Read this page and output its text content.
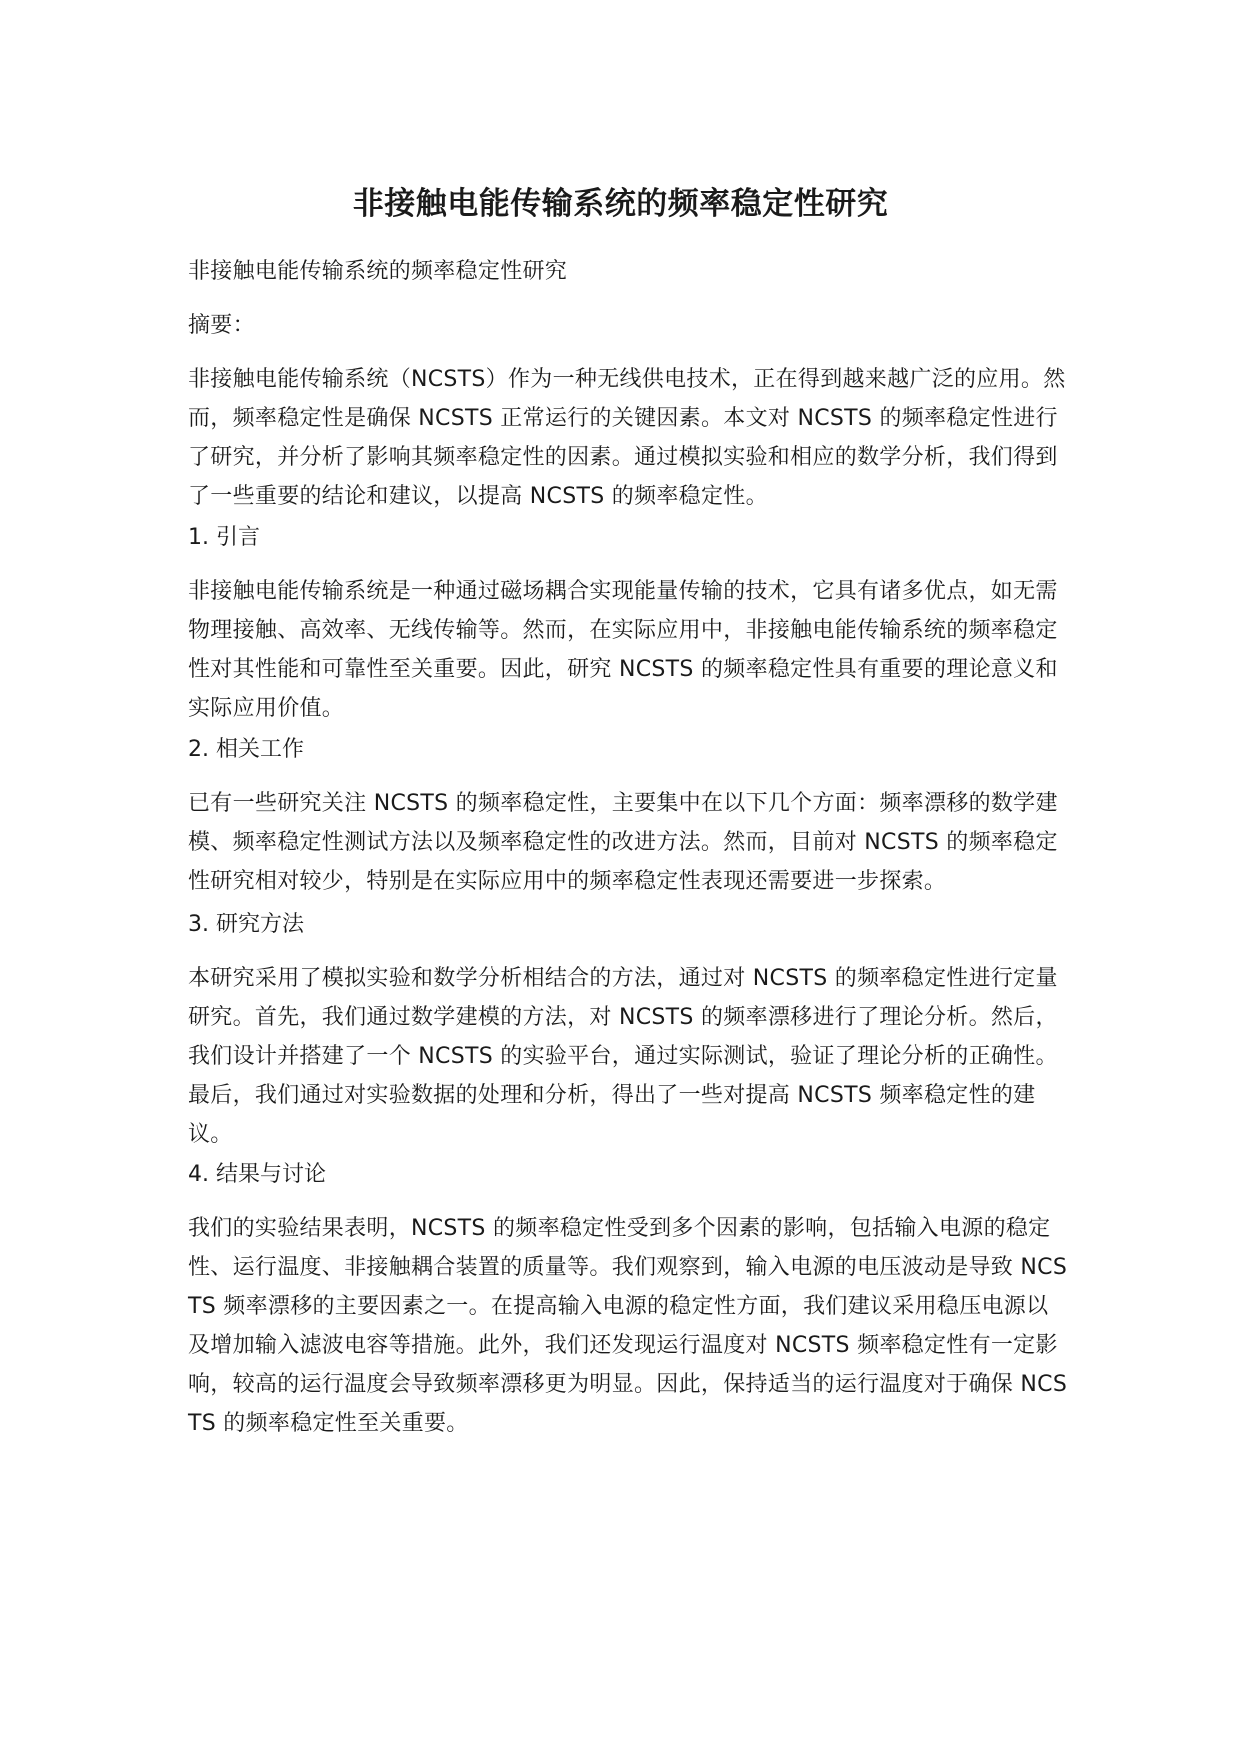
非接触电能传输系统的频率稳定性研究

非接触电能传输系统的频率稳定性研究

摘要：

非接触电能传输系统（NCSTS）作为一种无线供电技术，正在得到越来越广泛的应用。然而，频率稳定性是确保 NCSTS 正常运行的关键因素。本文对 NCSTS 的频率稳定性进行了研究，并分析了影响其频率稳定性的因素。通过模拟实验和相应的数学分析，我们得到了一些重要的结论和建议，以提高 NCSTS 的频率稳定性。

1. 引言

非接触电能传输系统是一种通过磁场耦合实现能量传输的技术，它具有诸多优点，如无需物理接触、高效率、无线传输等。然而，在实际应用中，非接触电能传输系统的频率稳定性对其性能和可靠性至关重要。因此，研究 NCSTS 的频率稳定性具有重要的理论意义和实际应用价值。

2. 相关工作

已有一些研究关注 NCSTS 的频率稳定性，主要集中在以下几个方面：频率漂移的数学建模、频率稳定性测试方法以及频率稳定性的改进方法。然而，目前对 NCSTS 的频率稳定性研究相对较少，特别是在实际应用中的频率稳定性表现还需要进一步探索。

3. 研究方法

本研究采用了模拟实验和数学分析相结合的方法，通过对 NCSTS 的频率稳定性进行定量研究。首先，我们通过数学建模的方法，对 NCSTS 的频率漂移进行了理论分析。然后，我们设计并搭建了一个 NCSTS 的实验平台，通过实际测试，验证了理论分析的正确性。最后，我们通过对实验数据的处理和分析，得出了一些对提高 NCSTS 频率稳定性的建议。

4. 结果与讨论

我们的实验结果表明，NCSTS 的频率稳定性受到多个因素的影响，包括输入电源的稳定性、运行温度、非接触耦合装置的质量等。我们观察到，输入电源的电压波动是导致 NCSTS 频率漂移的主要因素之一。在提高输入电源的稳定性方面，我们建议采用稳压电源以及增加输入滤波电容等措施。此外，我们还发现运行温度对 NCSTS 频率稳定性有一定影响，较高的运行温度会导致频率漂移更为明显。因此，保持适当的运行温度对于确保 NCSTS 的频率稳定性至关重要。
